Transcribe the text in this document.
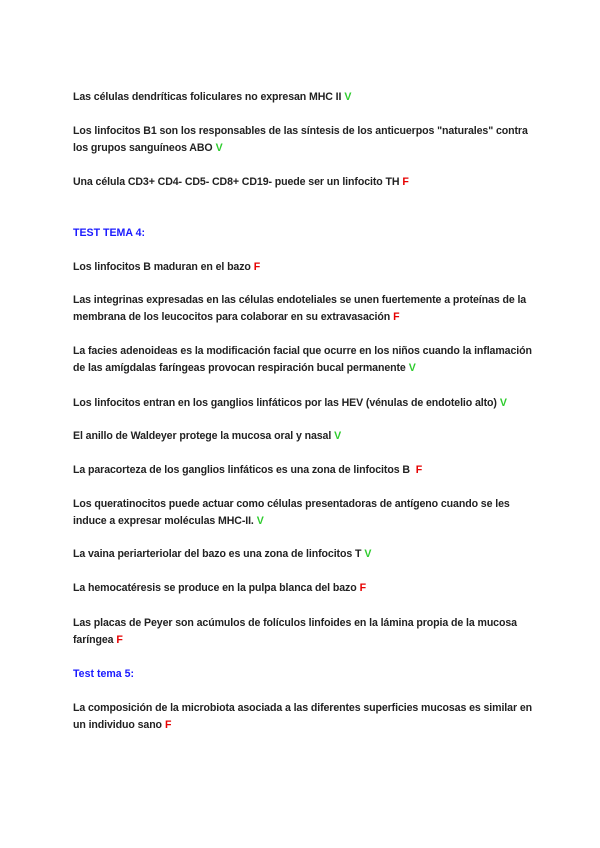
Las células dendríticas foliculares no expresan MHC II V
Los linfocitos B1 son los responsables de las síntesis de los anticuerpos "naturales" contra los grupos sanguíneos ABO V
Una célula CD3+ CD4- CD5- CD8+ CD19- puede ser un linfocito TH F
TEST TEMA 4:
Los linfocitos B maduran en el bazo F
Las integrinas expresadas en las células endoteliales se unen fuertemente a proteínas de la membrana de los leucocitos para colaborar en su extravasación F
La facies adenoideas es la modificación facial que ocurre en los niños cuando la inflamación de las amígdalas faríngeas provocan respiración bucal permanente V
Los linfocitos entran en los ganglios linfáticos por las HEV (vénulas de endotelio alto) V
El anillo de Waldeyer protege la mucosa oral y nasal V
La paracorteza de los ganglios linfáticos es una zona de linfocitos B F
Los queratinocitos puede actuar como células presentadoras de antígeno cuando se les induce a expresar moléculas MHC-II. V
La vaina periarteriolar del bazo es una zona de linfocitos T V
La hemocatéresis se produce en la pulpa blanca del bazo F
Las placas de Peyer son acúmulos de folículos linfoides en la lámina propia de la mucosa faríngea F
Test tema 5:
La composición de la microbiota asociada a las diferentes superficies mucosas es similar en un individuo sano F
